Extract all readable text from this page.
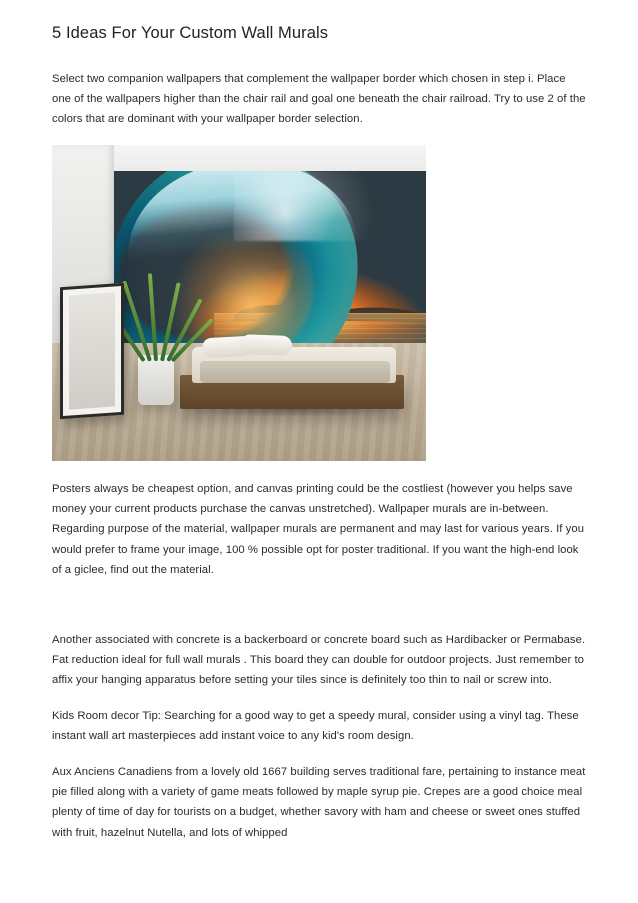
5 Ideas For Your Custom Wall Murals

Select two companion wallpapers that complement the wallpaper border which chosen in step i. Place one of the wallpapers higher than the chair rail and goal one beneath the chair railroad. Try to use 2 of the colors that are dominant with your wallpaper border selection.

Posters always be cheapest option, and canvas printing could be the costliest (however you helps save money your current products purchase the canvas unstretched). Wallpaper murals are in-between. Regarding purpose of the material, wallpaper murals are permanent and may last for various years. If you would prefer to frame your image, 100 % possible opt for poster traditional. If you want the high-end look of a giclee, find out the material.

Another associated with concrete is a backerboard or concrete board such as Hardibacker or Permabase. Fat reduction ideal for full wall murals . This board they can double for outdoor projects. Just remember to affix your hanging apparatus before setting your tiles since is definitely too thin to nail or screw into.

Kids Room decor Tip: Searching for a good way to get a speedy mural, consider using a vinyl tag. These instant wall art masterpieces add instant voice to any kid's room design.

Aux Anciens Canadiens from a lovely old 1667 building serves traditional fare, pertaining to instance meat pie filled along with a variety of game meats followed by maple syrup pie. Crepes are a good choice meal plenty of time of day for tourists on a budget, whether savory with ham and cheese or sweet ones stuffed with fruit, hazelnut Nutella, and lots of whipped
